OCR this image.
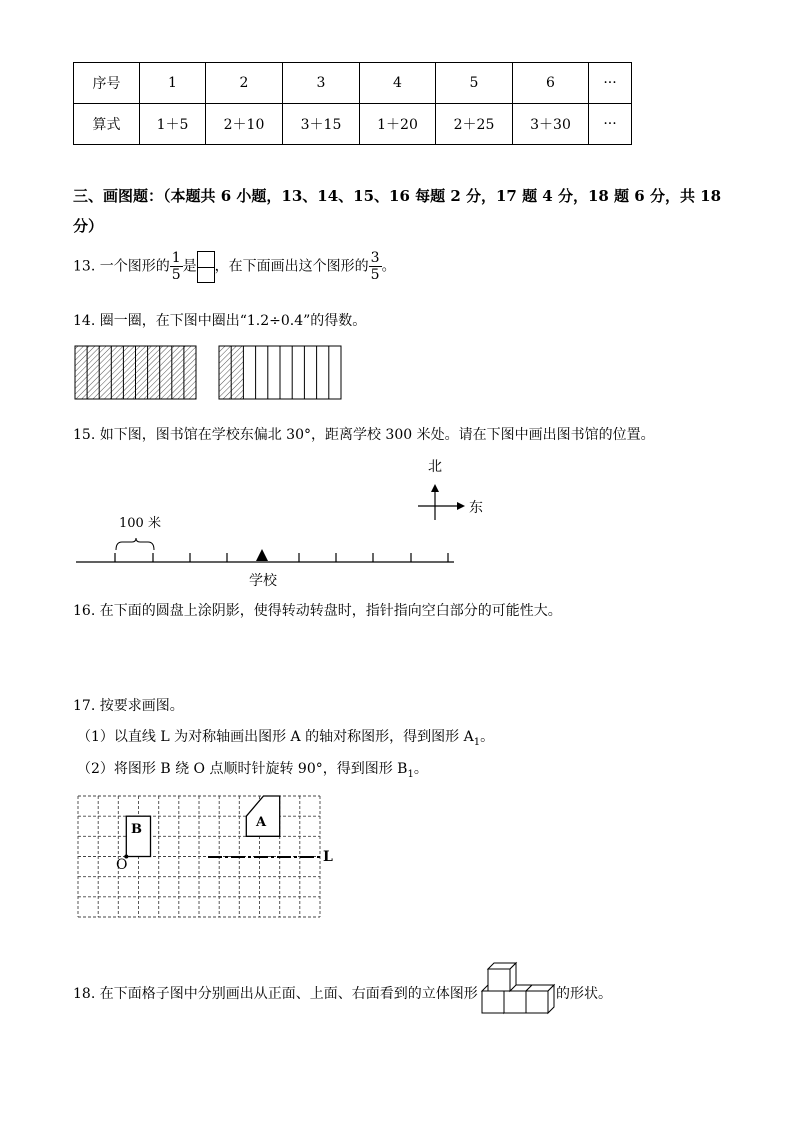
序号	1	2	3	4	5	6	···
算式	1＋5	2＋10	3＋15	1＋20	2＋25	3＋30	···
三、画图题：（本题共 6 小题，13、14、15、16 每题 2 分，17 题 4 分，18 题 6 分，共 18
分）
13. 一个图形的 $\frac{1}{5}$ 是 ，在下面画出这个图形的 $\frac{3}{5}$ 。
14. 圈一圈，在下图中圈出“1.2÷0.4”的得数。
15. 如下图，图书馆在学校东偏北 30°，距离学校 300 米处。请在下图中画出图书馆的位置。
北
东
100 米
学校
16. 在下面的圆盘上涂阴影，使得转动转盘时，指针指向空白部分的可能性大。
17. 按要求画图。
（1）以直线 L 为对称轴画出图形 A 的轴对称图形，得到图形 $A_1$。
（2）将图形 B 绕 O 点顺时针旋转 90°，得到图形 $B_1$。
B	A
O	L
18. 在下面格子图中分别画出从正面、上面、右面看到的立体图形	的形状。
